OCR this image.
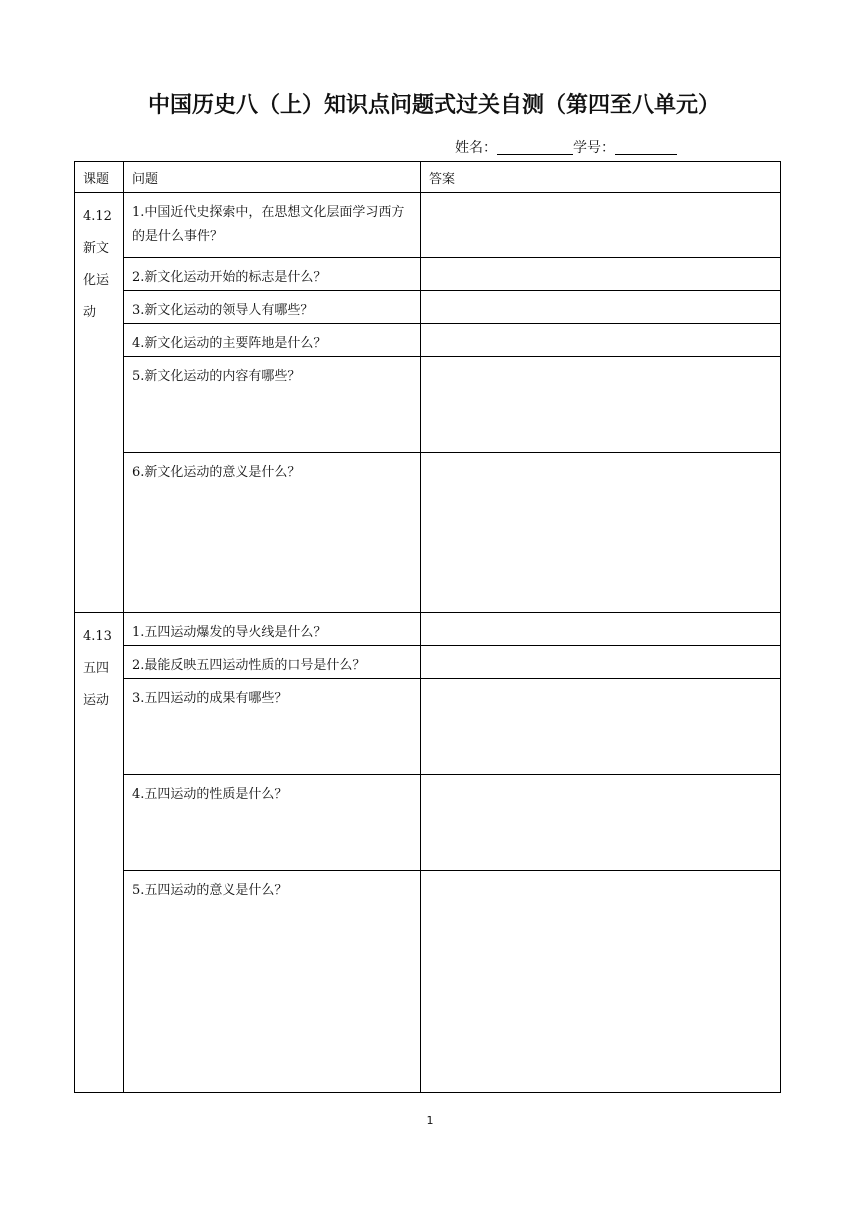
中国历史八（上）知识点问题式过关自测（第四至八单元）
姓名：	学号：
课题	问题	答案
4.12新文化运动	1.中国近代史探索中，在思想文化层面学习西方的是什么事件？	
	2.新文化运动开始的标志是什么？	
	3.新文化运动的领导人有哪些？	
	4.新文化运动的主要阵地是什么？	
	5.新文化运动的内容有哪些？	
	6.新文化运动的意义是什么？	
4.13五四运动	1.五四运动爆发的导火线是什么？	
	2.最能反映五四运动性质的口号是什么？	
	3.五四运动的成果有哪些？	
	4.五四运动的性质是什么？	
	5.五四运动的意义是什么？	
1
